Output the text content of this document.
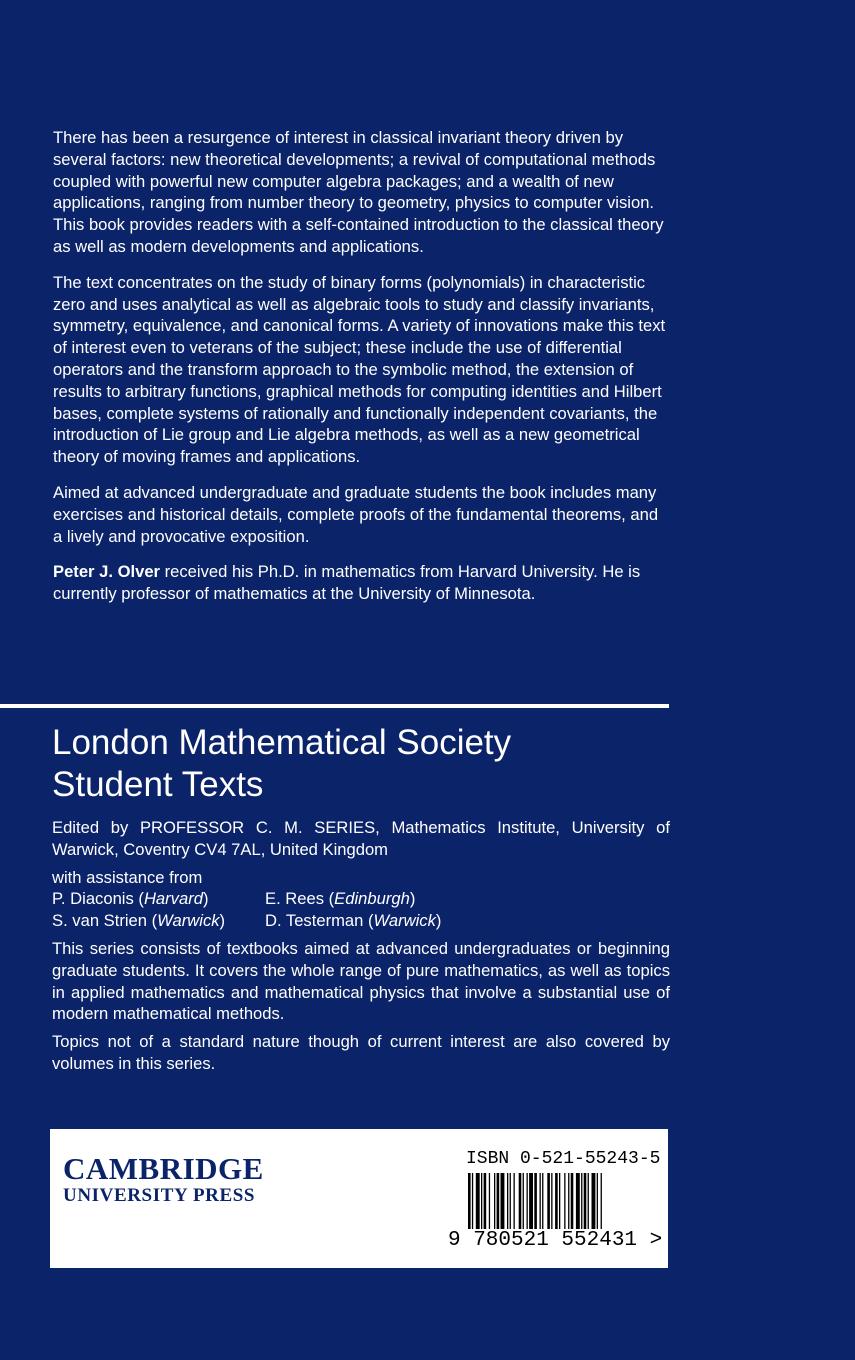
There has been a resurgence of interest in classical invariant theory driven by several factors: new theoretical developments; a revival of computational methods coupled with powerful new computer algebra packages; and a wealth of new applications, ranging from number theory to geometry, physics to computer vision. This book provides readers with a self-contained introduction to the classical theory as well as modern developments and applications.

The text concentrates on the study of binary forms (polynomials) in characteristic zero and uses analytical as well as algebraic tools to study and classify invariants, symmetry, equivalence, and canonical forms. A variety of innovations make this text of interest even to veterans of the subject; these include the use of differential operators and the transform approach to the symbolic method, the extension of results to arbitrary functions, graphical methods for computing identities and Hilbert bases, complete systems of rationally and functionally independent covariants, the introduction of Lie group and Lie algebra methods, as well as a new geometrical theory of moving frames and applications.

Aimed at advanced undergraduate and graduate students the book includes many exercises and historical details, complete proofs of the fundamental theorems, and a lively and provocative exposition.

Peter J. Olver received his Ph.D. in mathematics from Harvard University. He is currently professor of mathematics at the University of Minnesota.

London Mathematical Society
Student Texts

Edited by PROFESSOR C. M. SERIES, Mathematics Institute, University of Warwick, Coventry CV4 7AL, United Kingdom

with assistance from
P. Diaconis (Harvard)	E. Rees (Edinburgh)
S. van Strien (Warwick)	D. Testerman (Warwick)

This series consists of textbooks aimed at advanced undergraduates or beginning graduate students. It covers the whole range of pure mathematics, as well as topics in applied mathematics and mathematical physics that involve a substantial use of modern mathematical methods.

Topics not of a standard nature though of current interest are also covered by volumes in this series.

CAMBRIDGE
UNIVERSITY PRESS
ISBN 0-521-55243-5
9 780521 552431 >
